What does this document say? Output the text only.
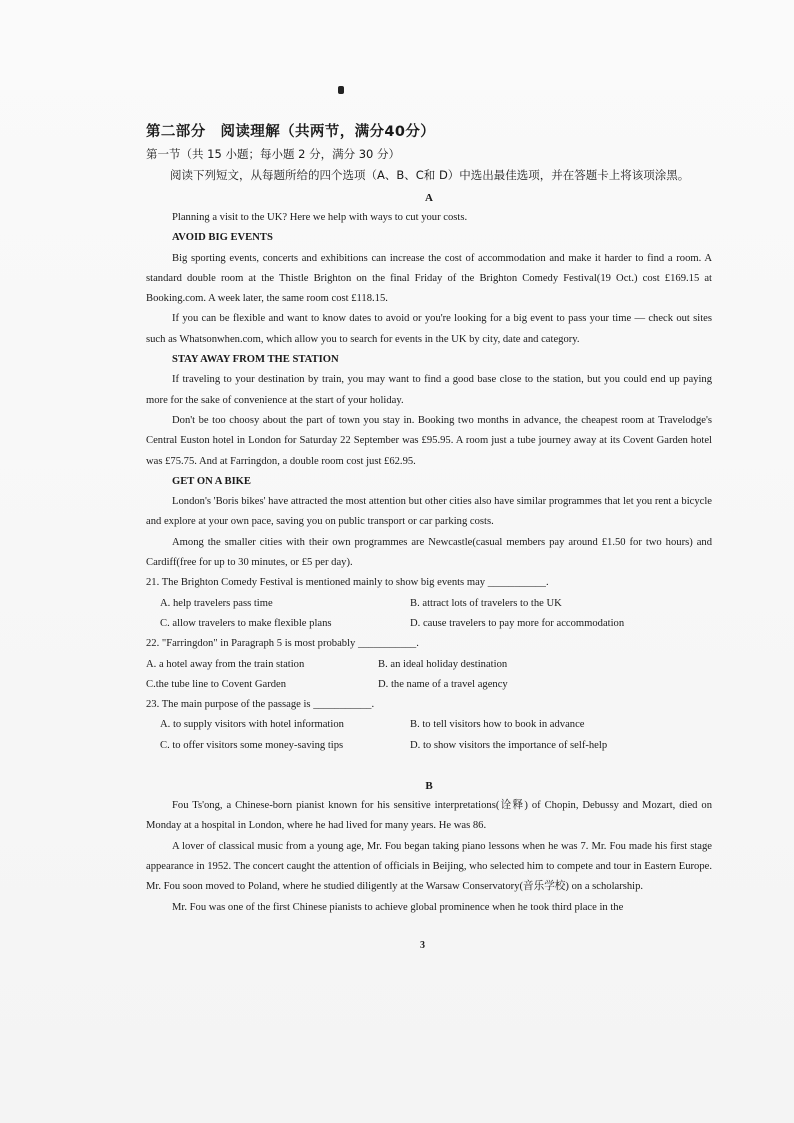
第二部分　阅读理解（共两节，满分40分）
第一节（共 15 小题；每小题 2 分，满分 30 分）

阅读下列短文，从每题所给的四个选项（A、B、C和 D）中选出最佳选项，并在答题卡上将该项涂黑。

A

Planning a visit to the UK? Here we help with ways to cut your costs.

AVOID BIG EVENTS

Big sporting events, concerts and exhibitions can increase the cost of accommodation and make it harder to find a room. A standard double room at the Thistle Brighton on the final Friday of the Brighton Comedy Festival(19 Oct.) cost £169.15 at Booking.com. A week later, the same room cost £118.15.

If you can be flexible and want to know dates to avoid or you're looking for a big event to pass your time — check out sites such as Whatsonwhen.com, which allow you to search for events in the UK by city, date and category.

STAY AWAY FROM THE STATION

If traveling to your destination by train, you may want to find a good base close to the station, but you could end up paying more for the sake of convenience at the start of your holiday.

Don't be too choosy about the part of town you stay in. Booking two months in advance, the cheapest room at Travelodge's Central Euston hotel in London for Saturday 22 September was £95.95. A room just a tube journey away at its Covent Garden hotel was £75.75. And at Farringdon, a double room cost just £62.95.

GET ON A BIKE

London's 'Boris bikes' have attracted the most attention but other cities also have similar programmes that let you rent a bicycle and explore at your own pace, saving you on public transport or car parking costs.

Among the smaller cities with their own programmes are Newcastle(casual members pay around £1.50 for two hours) and Cardiff(free for up to 30 minutes, or £5 per day).

21. The Brighton Comedy Festival is mentioned mainly to show big events may ___________.

A. help travelers pass time	B. attract lots of travelers to the UK
C. allow travelers to make flexible plans	D. cause travelers to pay more for accommodation

22. "Farringdon" in Paragraph 5 is most probably ___________.

A. a hotel away from the train station	B. an ideal holiday destination
C.the tube line to Covent Garden	D. the name of a travel agency

23. The main purpose of the passage is ___________.

A. to supply visitors with hotel information	B. to tell visitors how to book in advance
C. to offer visitors some money-saving tips	D. to show visitors the importance of self-help
B

Fou Ts'ong, a Chinese-born pianist known for his sensitive interpretations(诠释) of Chopin, Debussy and Mozart, died on Monday at a hospital in London, where he had lived for many years. He was 86.

A lover of classical music from a young age, Mr. Fou began taking piano lessons when he was 7. Mr. Fou made his first stage appearance in 1952. The concert caught the attention of officials in Beijing, who selected him to compete and tour in Eastern Europe. Mr. Fou soon moved to Poland, where he studied diligently at the Warsaw Conservatory(音乐学校) on a scholarship.

Mr. Fou was one of the first Chinese pianists to achieve global prominence when he took third place in the

3
